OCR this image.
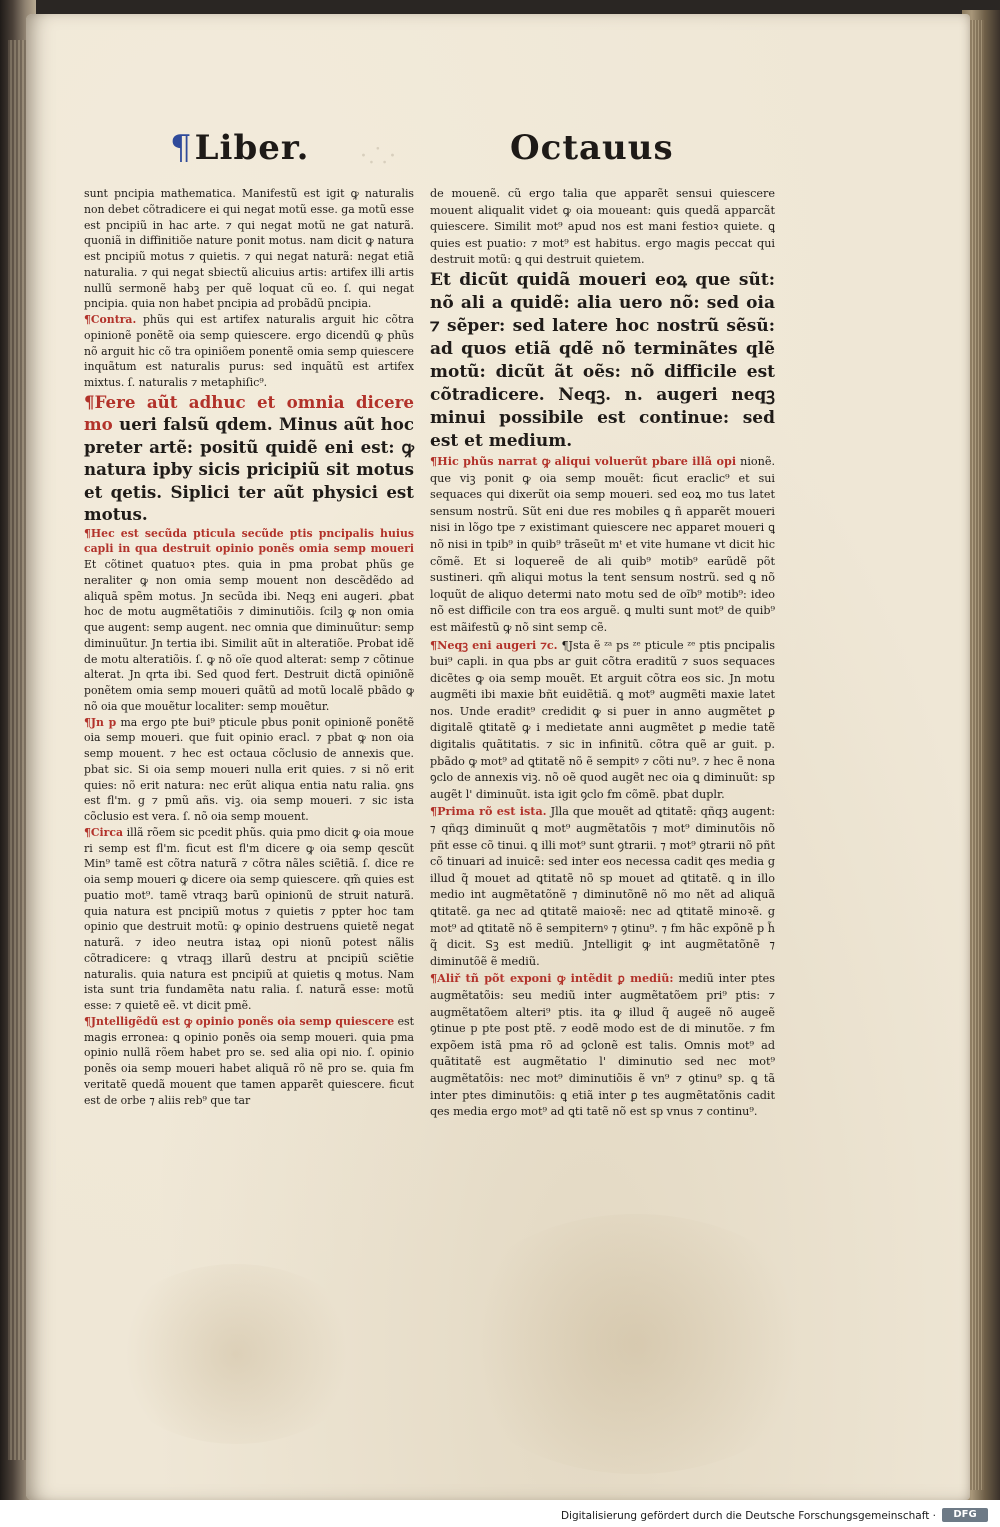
·⸫·
¶Liber.	Octauus

sunt pncipia mathematica. Manifestũ est igit ꝙ naturalis non debet cõtradicere ei qui negat motũ esse. ga motũ esse est pncipiũ in hac arte. ⁊ qui negat motũ ne gat naturã. quoniã in diffinitiõe nature ponit motus. nam dicit ꝙ natura est pncipiũ motus ⁊ quietis. ⁊ qui negat naturã: negat etiã naturalia. ⁊ qui negat sbiectũ alicuius artis: artifex illi artis nullũ sermonẽ habꝫ per quẽ loquat cũ eo. ſ. qui negat pncipia. quia non habet pncipia ad probãdũ pncipia.

¶Contra. phũs qui est artifex naturalis arguit hic cõtra opinionẽ ponẽtẽ oia semp quiescere. ergo dicendũ ꝙ phũs nõ arguit hic cõ tra opiniõem ponentẽ omia semp quiescere inquãtum est naturalis purus: sed inquãtũ est artifex mixtus. ſ. naturalis ⁊ metaphiſic⁹.

¶Fere aũt adhuc et omnia dicere mo ueri falsũ qdem. Minus aũt hoc preter artẽ: positũ quidẽ eni est: ꝙ natura ipby sicis pricipiũ sit motus et qetis. Siplici ter aũt physici est motus.

¶Hec est secũda pticula secũde ptis pncipalis huius capli in qua destruit opinio ponẽs omia semp moueri Et cõtinet quatuoꝛ ptes. quia in pma probat phũs ge neraliter ꝙ non omia semp mouent non descẽdẽdo ad aliquã spẽm motus. Jn secũda ibi. Neqꝫ eni augeri. ꝓbat hoc de motu augmẽtatiõis ⁊ diminutiõis. ſcilꝫ ꝙ non omia que augent: semp augent. nec omnia que diminuũtur: semp diminuũtur. Jn tertia ibi. Similit aũt in alteratiõe. Probat idẽ de motu alteratiõis. ſ. ꝙ nõ oĩe quod alterat: semp ⁊ cõtinue alterat. Jn qrta ibi. Sed quod fert. Destruit dictã opiniõnẽ ponẽtem omia semp moueri quãtũ ad motũ localẽ pbãdo ꝙ nõ oia que mouẽtur localiter: semp mouẽtur.

¶Jn p ma ergo pte bui⁹ pticule pbus ponit opinionẽ ponẽtẽ oia semp moueri. que fuit opinio eracl. ⁊ pbat ꝙ non oia semp mouent. ⁊ hec est octaua cõclusio de annexis que. pbat sic. Si oia semp moueri nulla erit quies. ⁊ si nõ erit quies: nõ erit natura: nec erũt aliqua entia natu ralia. ꝯns est fl'm. g ⁊ pmũ añs. viꝫ. oia semp moueri. ⁊ sic ista cõclusio est vera. ſ. nõ oia semp mouent.

¶Circa illã rõem sic pcedit phũs. quia pmo dicit ꝙ oia moue ri semp est fl'm. ficut est fl'm dicere ꝙ oia semp qescũt Min⁹ tamẽ est cõtra naturã ⁊ cõtra nãles sciẽtiã. ſ. dice re oia semp moueri ꝙ dicere oia semp quiescere. qm̃ quies est puatio mot⁹. tamẽ vtraqꝫ barũ opinionũ de struit naturã. quia natura est pncipiũ motus ⁊ quietis ⁊ ppter hoc tam opinio que destruit motũ: ꝙ opinio destruens quietẽ negat naturã. ⁊ ideo neutra istaꝝ opi nionũ potest nãlis cõtradicere: ꝗ vtraqꝫ illarũ destru at pncipiũ sciẽtie naturalis. quia natura est pncipiũ at quietis ꝗ motus. Nam ista sunt tria fundamẽta natu ralia. ſ. naturã esse: motũ esse: ⁊ quietẽ eẽ. vt dicit pmẽ.

¶Jntelligẽdũ est ꝙ opinio ponẽs oia semp quiescere est magis erronea: ꝗ opinio ponẽs oia semp moueri. quia pma opinio nullã rõem habet pro se. sed alia opi nio. ſ. opinio ponẽs oia semp moueri habet aliquã rõ nẽ pro se. quia fm veritatẽ quedã mouent que tamen apparẽt quiescere. ficut est de orbe ⁊ aliis reb⁹ que tar

de mouenẽ. cũ ergo talia que apparẽt sensui quiescere mouent aliqualit videt ꝙ oia moueant: ꝗuis quedã apparcãt quiescere. Similit mot⁹ apud nos est mani festioꝛ quiete. ꝗ quies est puatio: ⁊ mot⁹ est habitus. ergo magis peccat qui destruit motũ: ꝗ qui destruit quietem.

Et dicũt quidã moueri eoꝝ que sũt: nõ ali a quidẽ: alia uero nõ: sed oia ⁊ sẽper: sed latere hoc nostrũ sẽsũ: ad quos etiã qdẽ nõ terminãtes qlẽ motũ: dicũt ãt oẽs: nõ difficile est cõtradicere. Neqꝫ. n. augeri neqꝫ minui possibile est continue: sed est et medium.

¶Hic phũs narrat ꝙ aliqui voluerũt pbare illã opi nionẽ. que viꝫ ponit ꝙ oia semp mouẽt: ficut eraclic⁹ et sui sequaces qui dixerũt oia semp moueri. sed eoꝝ mo tus latet sensum nostrũ. Sũt eni due res mobiles ꝗ ñ apparẽt moueri nisi in lõgo tpe ⁊ existimant quiescere nec apparet moueri ꝗ nõ nisi in tpib⁹ in quib⁹ trãseũt mᵗ et vite humane vt dicit hic cõmẽ. Et si loquereẽ de ali quib⁹ motib⁹ earũdẽ põt sustineri. qm̃ aliqui motus la tent sensum nostrũ. sed ꝗ nõ loquũt de aliquo determi nato motu sed de oĩb⁹ motib⁹: ideo nõ est difficile con tra eos arguẽ. ꝗ multi sunt mot⁹ de quib⁹ est mãifestũ ꝙ nõ sint semp cẽ.

¶Neqꝫ eni augeri ⁊c. ¶Jsta ẽ ᶻᵃ ps ᶻᵉ pticule ᶻᵉ ptis pncipalis bui⁹ capli. in qua pbs ar guit cõtra eraditũ ⁊ suos sequaces dicẽtes ꝙ oia semp mouẽt. Et arguit cõtra eos sic. Jn motu augmẽti ibi maxie bñt euidẽtiã. ꝗ mot⁹ augmẽti maxie latet nos. Unde eradit⁹ credidit ꝙ si puer in anno augmẽtet ꝑ digitalẽ ꝗtitatẽ ꝙ i medietate anni augmẽtet ꝑ medie tatẽ digitalis quãtitatis. ⁊ sic in infinitũ. cõtra quẽ ar guit. p. pbãdo ꝙ mot⁹ ad ꝗtitatẽ nõ ẽ sempitꝰ ⁊ cõti nu⁹. ⁊ hec ẽ nona ꝯclo de annexis viꝫ. nõ oẽ quod augẽt nec oia ꝗ diminuũt: sp augẽt l' diminuũt. ista igit ꝯclo fm cõmẽ. pbat duplr.

¶Prima rõ est ista. Jlla que mouẽt ad ꝗtitatẽ: qñqꝫ augent: ⁊ qñqꝫ diminuũt ꝗ mot⁹ augmẽtatõis ⁊ mot⁹ diminutõis nõ pñt esse cõ tinui. ꝗ illi mot⁹ sunt ꝯtrarii. ⁊ mot⁹ ꝯtrarii nõ pñt cõ tinuari ad inuicẽ: sed inter eos necessa cadit qes media g illud q̃ mouet ad ꝗtitatẽ nõ sp mouet ad ꝗtitatẽ. ꝗ in illo medio int augmẽtatõnẽ ⁊ diminutõnẽ nõ mo nẽt ad aliquã ꝗtitatẽ. ga nec ad ꝗtitatẽ maioꝛẽ: nec ad ꝗtitatẽ minoꝛẽ. g mot⁹ ad ꝗtitatẽ nõ ẽ sempiternꝰ ⁊ ꝯtinu⁹. ⁊ fm hãc expõnẽ p h̃ q̃ dicit. Sꝫ est mediũ. Jntelligit ꝙ int augmẽtatõnẽ ⁊ diminutõẽ ẽ mediũ.

¶Aliř tñ põt exponi ꝙ intẽdit ꝑ mediũ: mediũ inter ptes augmẽtatõis: seu mediũ inter augmẽtatõem pri⁹ ptis: ⁊ augmẽtatõem alteri⁹ ptis. ita ꝙ illud q̃ augeẽ nõ augeẽ ꝯtinue p pte post ptẽ. ⁊ eodẽ modo est de di minutõe. ⁊ fm expõem istã pma rõ ad ꝯclonẽ est talis. Omnis mot⁹ ad quãtitatẽ est augmẽtatio l' diminutio sed nec mot⁹ augmẽtatõis: nec mot⁹ diminutiõis ẽ vn⁹ ⁊ ꝯtinu⁹ sp. ꝗ tã inter ptes diminutõis: ꝗ etiã inter ꝑ tes augmẽtatõnis cadit qes media ergo mot⁹ ad ꝗti tatẽ nõ est sp vnus ⁊ continu⁹.

Digitalisierung gefördert durch die Deutsche Forschungsgemeinschaft ·	DFG
